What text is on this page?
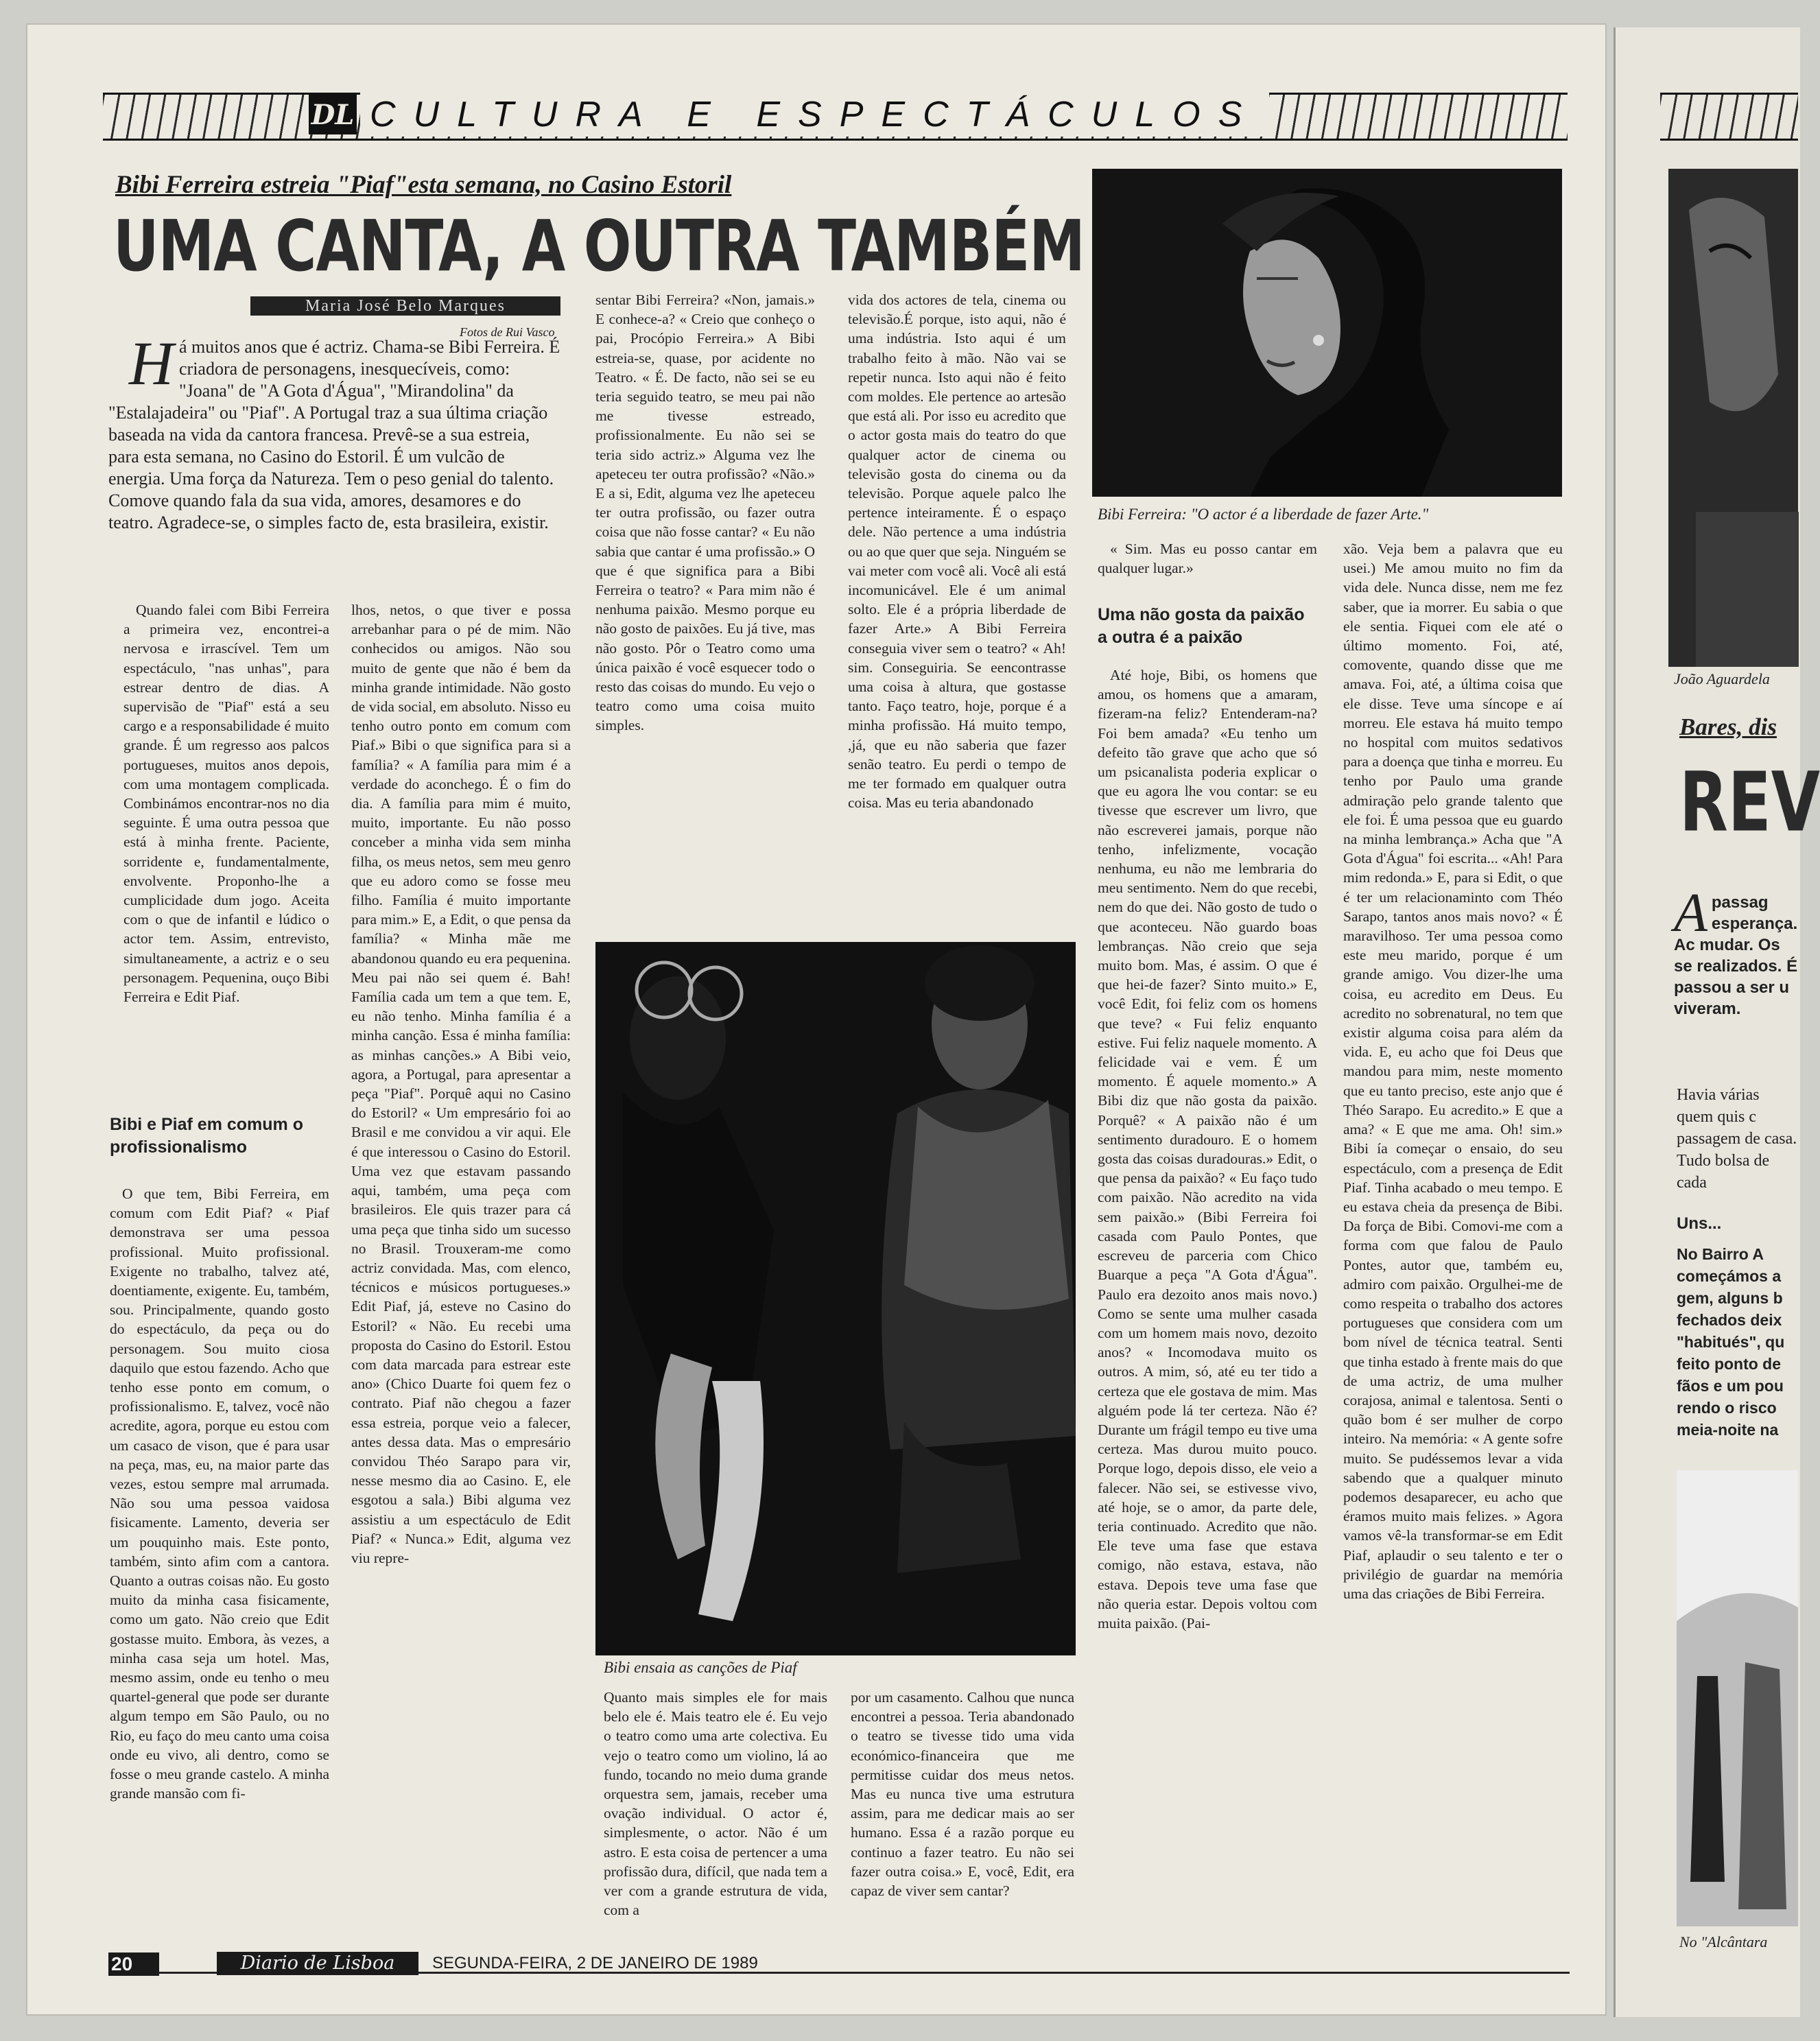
DL CULTURA E ESPECTÁCULOS
Bibi Ferreira estreia "Piaf"esta semana, no Casino Estoril
UMA CANTA, A OUTRA TAMBÉM
Maria José Belo Marques
Fotos de Rui Vasco
H á muitos anos que é actriz. Chama-se Bibi Ferreira. É criadora de personagens, inesquecíveis, como: "Joana" de "A Gota d'Água", "Mirandolina" da "Estalajadeira" ou "Piaf". A Portugal traz a sua última criação baseada na vida da cantora francesa. Prevê-se a sua estreia, para esta semana, no Casino do Estoril. É um vulcão de energia. Uma força da Natureza. Tem o peso genial do talento. Comove quando fala da sua vida, amores, desamores e do teatro. Agradece-se, o simples facto de, esta brasileira, existir.

Quando falei com Bibi Ferreira a primeira vez, encontrei-a nervosa e irrascível. Tem um espectáculo, "nas unhas", para estrear dentro de dias. A supervisão de "Piaf" está a seu cargo e a responsabilidade é muito grande. É um regresso aos palcos portugueses, muitos anos depois, com uma montagem complicada. Combinámos encontrar-nos no dia seguinte. É uma outra pessoa que está à minha frente. Paciente, sorridente e, fundamentalmente, envolvente. Proponho-lhe a cumplicidade dum jogo. Aceita com o que de infantil e lúdico o actor tem. Assim, entrevisto, simultaneamente, a actriz e o seu personagem. Pequenina, ouço Bibi Ferreira e Edit Piaf.

Bibi e Piaf em comum o profissionalismo

O que tem, Bibi Ferreira, em comum com Edit Piaf? « Piaf demonstrava ser uma pessoa profissional. Muito profissional. Exigente no trabalho, talvez até, doentiamente, exigente. Eu, também, sou. Principalmente, quando gosto do espectáculo, da peça ou do personagem. Sou muito ciosa daquilo que estou fazendo. Acho que tenho esse ponto em comum, o profissionalismo. E, talvez, você não acredite, agora, porque eu estou com um casaco de vison, que é para usar na peça, mas, eu, na maior parte das vezes, estou sempre mal arrumada. Não sou uma pessoa vaidosa fisicamente. Lamento, deveria ser um pouquinho mais. Este ponto, também, sinto afim com a cantora. Quanto a outras coisas não. Eu gosto muito da minha casa fisicamente, como um gato. Não creio que Edit gostasse muito. Embora, às vezes, a minha casa seja um hotel. Mas, mesmo assim, onde eu tenho o meu quartel-general que pode ser durante algum tempo em São Paulo, ou no Rio, eu faço do meu canto uma coisa onde eu vivo, ali dentro, como se fosse o meu grande castelo. A minha grande mansão com fi-

lhos, netos, o que tiver e possa arrebanhar para o pé de mim. Não conhecidos ou amigos. Não sou muito de gente que não é bem da minha grande intimidade. Não gosto de vida social, em absoluto. Nisso eu tenho outro ponto em comum com Piaf.» Bibi o que significa para si a família? « A família para mim é a verdade do aconchego. É o fim do dia. A família para mim é muito, muito, importante. Eu não posso conceber a minha vida sem minha filha, os meus netos, sem meu genro que eu adoro como se fosse meu filho. Família é muito importante para mim.» E, a Edit, o que pensa da família? « Minha mãe me abandonou quando eu era pequenina. Meu pai não sei quem é. Bah! Família cada um tem a que tem. E, eu não tenho. Minha família é a minha canção. Essa é minha família: as minhas canções.» A Bibi veio, agora, a Portugal, para apresentar a peça "Piaf". Porquê aqui no Casino do Estoril? « Um empresário foi ao Brasil e me convidou a vir aqui. Ele é que interessou o Casino do Estoril. Uma vez que estavam passando aqui, também, uma peça com brasileiros. Ele quis trazer para cá uma peça que tinha sido um sucesso no Brasil. Trouxeram-me como actriz convidada. Mas, com elenco, técnicos e músicos portugueses.» Edit Piaf, já, esteve no Casino do Estoril? « Não. Eu recebi uma proposta do Casino do Estoril. Estou com data marcada para estrear este ano» (Chico Duarte foi quem fez o contrato. Piaf não chegou a fazer essa estreia, porque veio a falecer, antes dessa data. Mas o empresário convidou Théo Sarapo para vir, nesse mesmo dia ao Casino. E, ele esgotou a sala.) Bibi alguma vez assistiu a um espectáculo de Edit Piaf? « Nunca.» Edit, alguma vez viu repre-

sentar Bibi Ferreira? «Non, jamais.» E conhece-a? « Creio que conheço o pai, Procópio Ferreira.» A Bibi estreia-se, quase, por acidente no Teatro. « É. De facto, não sei se eu teria seguido teatro, se meu pai não me tivesse estreado, profissionalmente. Eu não sei se teria sido actriz.» Alguma vez lhe apeteceu ter outra profissão? «Não.» E a si, Edit, alguma vez lhe apeteceu ter outra profissão, ou fazer outra coisa que não fosse cantar? « Eu não sabia que cantar é uma profissão.» O que é que significa para a Bibi Ferreira o teatro? « Para mim não é nenhuma paixão. Mesmo porque eu não gosto de paixões. Eu já tive, mas não gosto. Pôr o Teatro como uma única paixão é você esquecer todo o resto das coisas do mundo. Eu vejo o teatro como uma coisa muito simples.

vida dos actores de tela, cinema ou televisão.É porque, isto aqui, não é uma indústria. Isto aqui é um trabalho feito à mão. Não vai se repetir nunca. Isto aqui não é feito com moldes. Ele pertence ao artesão que está ali. Por isso eu acredito que o actor gosta mais do teatro do que qualquer actor de cinema ou televisão gosta do cinema ou da televisão. Porque aquele palco lhe pertence inteiramente. É o espaço dele. Não pertence a uma indústria ou ao que quer que seja. Ninguém se vai meter com você ali. Você ali está incomunicável. Ele é um animal solto. Ele é a própria liberdade de fazer Arte.» A Bibi Ferreira conseguia viver sem o teatro? « Ah! sim. Conseguiria. Se eencontrasse uma coisa à altura, que gostasse tanto. Faço teatro, hoje, porque é a minha profissão. Há muito tempo, ,já, que eu não saberia que fazer senão teatro. Eu perdi o tempo de me ter formado em qualquer outra coisa. Mas eu teria abandonado

Bibi ensaia as canções de Piaf

Quanto mais simples ele for mais belo ele é. Mais teatro ele é. Eu vejo o teatro como uma arte colectiva. Eu vejo o teatro como um violino, lá ao fundo, tocando no meio duma grande orquestra sem, jamais, receber uma ovação individual. O actor é, simplesmente, o actor. Não é um astro. E esta coisa de pertencer a uma profissão dura, difícil, que nada tem a ver com a grande estrutura de vida, com a

por um casamento. Calhou que nunca encontrei a pessoa. Teria abandonado o teatro se tivesse tido uma vida económico-financeira que me permitisse cuidar dos meus netos. Mas eu nunca tive uma estrutura assim, para me dedicar mais ao ser humano. Essa é a razão porque eu continuo a fazer teatro. Eu não sei fazer outra coisa.» E, você, Edit, era capaz de viver sem cantar?

Bibi Ferreira: "O actor é a liberdade de fazer Arte."

« Sim. Mas eu posso cantar em qualquer lugar.»

Uma não gosta da paixão a outra é a paixão

Até hoje, Bibi, os homens que amou, os homens que a amaram, fizeram-na feliz? Entenderam-na? Foi bem amada? «Eu tenho um defeito tão grave que acho que só um psicanalista poderia explicar o que eu agora lhe vou contar: se eu tivesse que escrever um livro, que não escreverei jamais, porque não tenho, infelizmente, vocação nenhuma, eu não me lembraria do meu sentimento. Nem do que recebi, nem do que dei. Não gosto de tudo o que aconteceu. Não guardo boas lembranças. Não creio que seja muito bom. Mas, é assim. O que é que hei-de fazer? Sinto muito.» E, você Edit, foi feliz com os homens que teve? « Fui feliz enquanto estive. Fui feliz naquele momento. A felicidade vai e vem. É um momento. É aquele momento.» A Bibi diz que não gosta da paixão. Porquê? « A paixão não é um sentimento duradouro. E o homem gosta das coisas duradouras.» Edit, o que pensa da paixão? « Eu faço tudo com paixão. Não acredito na vida sem paixão.» (Bibi Ferreira foi casada com Paulo Pontes, que escreveu de parceria com Chico Buarque a peça "A Gota d'Água". Paulo era dezoito anos mais novo.) Como se sente uma mulher casada com um homem mais novo, dezoito anos? « Incomodava muito os outros. A mim, só, até eu ter tido a certeza que ele gostava de mim. Mas alguém pode lá ter certeza. Não é? Durante um frágil tempo eu tive uma certeza. Mas durou muito pouco. Porque logo, depois disso, ele veio a falecer. Não sei, se estivesse vivo, até hoje, se o amor, da parte dele, teria continuado. Acredito que não. Ele teve uma fase que estava comigo, não estava, estava, não estava. Depois teve uma fase que não queria estar. Depois voltou com muita paixão. (Pai-

xão. Veja bem a palavra que eu usei.) Me amou muito no fim da vida dele. Nunca disse, nem me fez saber, que ia morrer. Eu sabia o que ele sentia. Fiquei com ele até o último momento. Foi, até, comovente, quando disse que me amava. Foi, até, a última coisa que ele disse. Teve uma síncope e aí morreu. Ele estava há muito tempo no hospital com muitos sedativos para a doença que tinha e morreu. Eu tenho por Paulo uma grande admiração pelo grande talento que ele foi. É uma pessoa que eu guardo na minha lembrança.» Acha que "A Gota d'Água" foi escrita... «Ah! Para mim redonda.» E, para si Edit, o que é ter um relacionaminto com Théo Sarapo, tantos anos mais novo? « É maravilhoso. Ter uma pessoa como este meu marido, porque é um grande amigo. Vou dizer-lhe uma coisa, eu acredito em Deus. Eu acredito no sobrenatural, no tem que existir alguma coisa para além da vida. E, eu acho que foi Deus que mandou para mim, neste momento que eu tanto preciso, este anjo que é Théo Sarapo. Eu acredito.» E que a ama? « E que me ama. Oh! sim.» Bibi ía começar o ensaio, do seu espectáculo, com a presença de Edit Piaf. Tinha acabado o meu tempo. E eu estava cheia da presença de Bibi. Da força de Bibi. Comovi-me com a forma com que falou de Paulo Pontes, autor que, também eu, admiro com paixão. Orgulhei-me de como respeita o trabalho dos actores portugueses que considera com um bom nível de técnica teatral. Senti que tinha estado à frente mais do que de uma actriz, de uma mulher corajosa, animal e talentosa. Senti o quão bom é ser mulher de corpo inteiro. Na memória: « A gente sofre muito. Se pudéssemos levar a vida sabendo que a qualquer minuto podemos desaparecer, eu acho que éramos muito mais felizes. » Agora vamos vê-la transformar-se em Edit Piaf, aplaudir o seu talento e ter o privilégio de guardar na memória uma das criações de Bibi Ferreira.

20	Diario de Lisboa	SEGUNDA-FEIRA, 2 DE JANEIRO DE 1989
João Aguardela
Bares, dis
REV
A passag esperança. Ac mudar. Os se realizados. É passou a ser u viveram.
Havia várias quem quis c passagem de casa. Tudo bolsa de cada
Uns...
No Bairro A começámos a gem, alguns b fechados deix "habitués", qu feito ponto de fãos e um pou rendo o risco meia-noite na
No "Alcântara
